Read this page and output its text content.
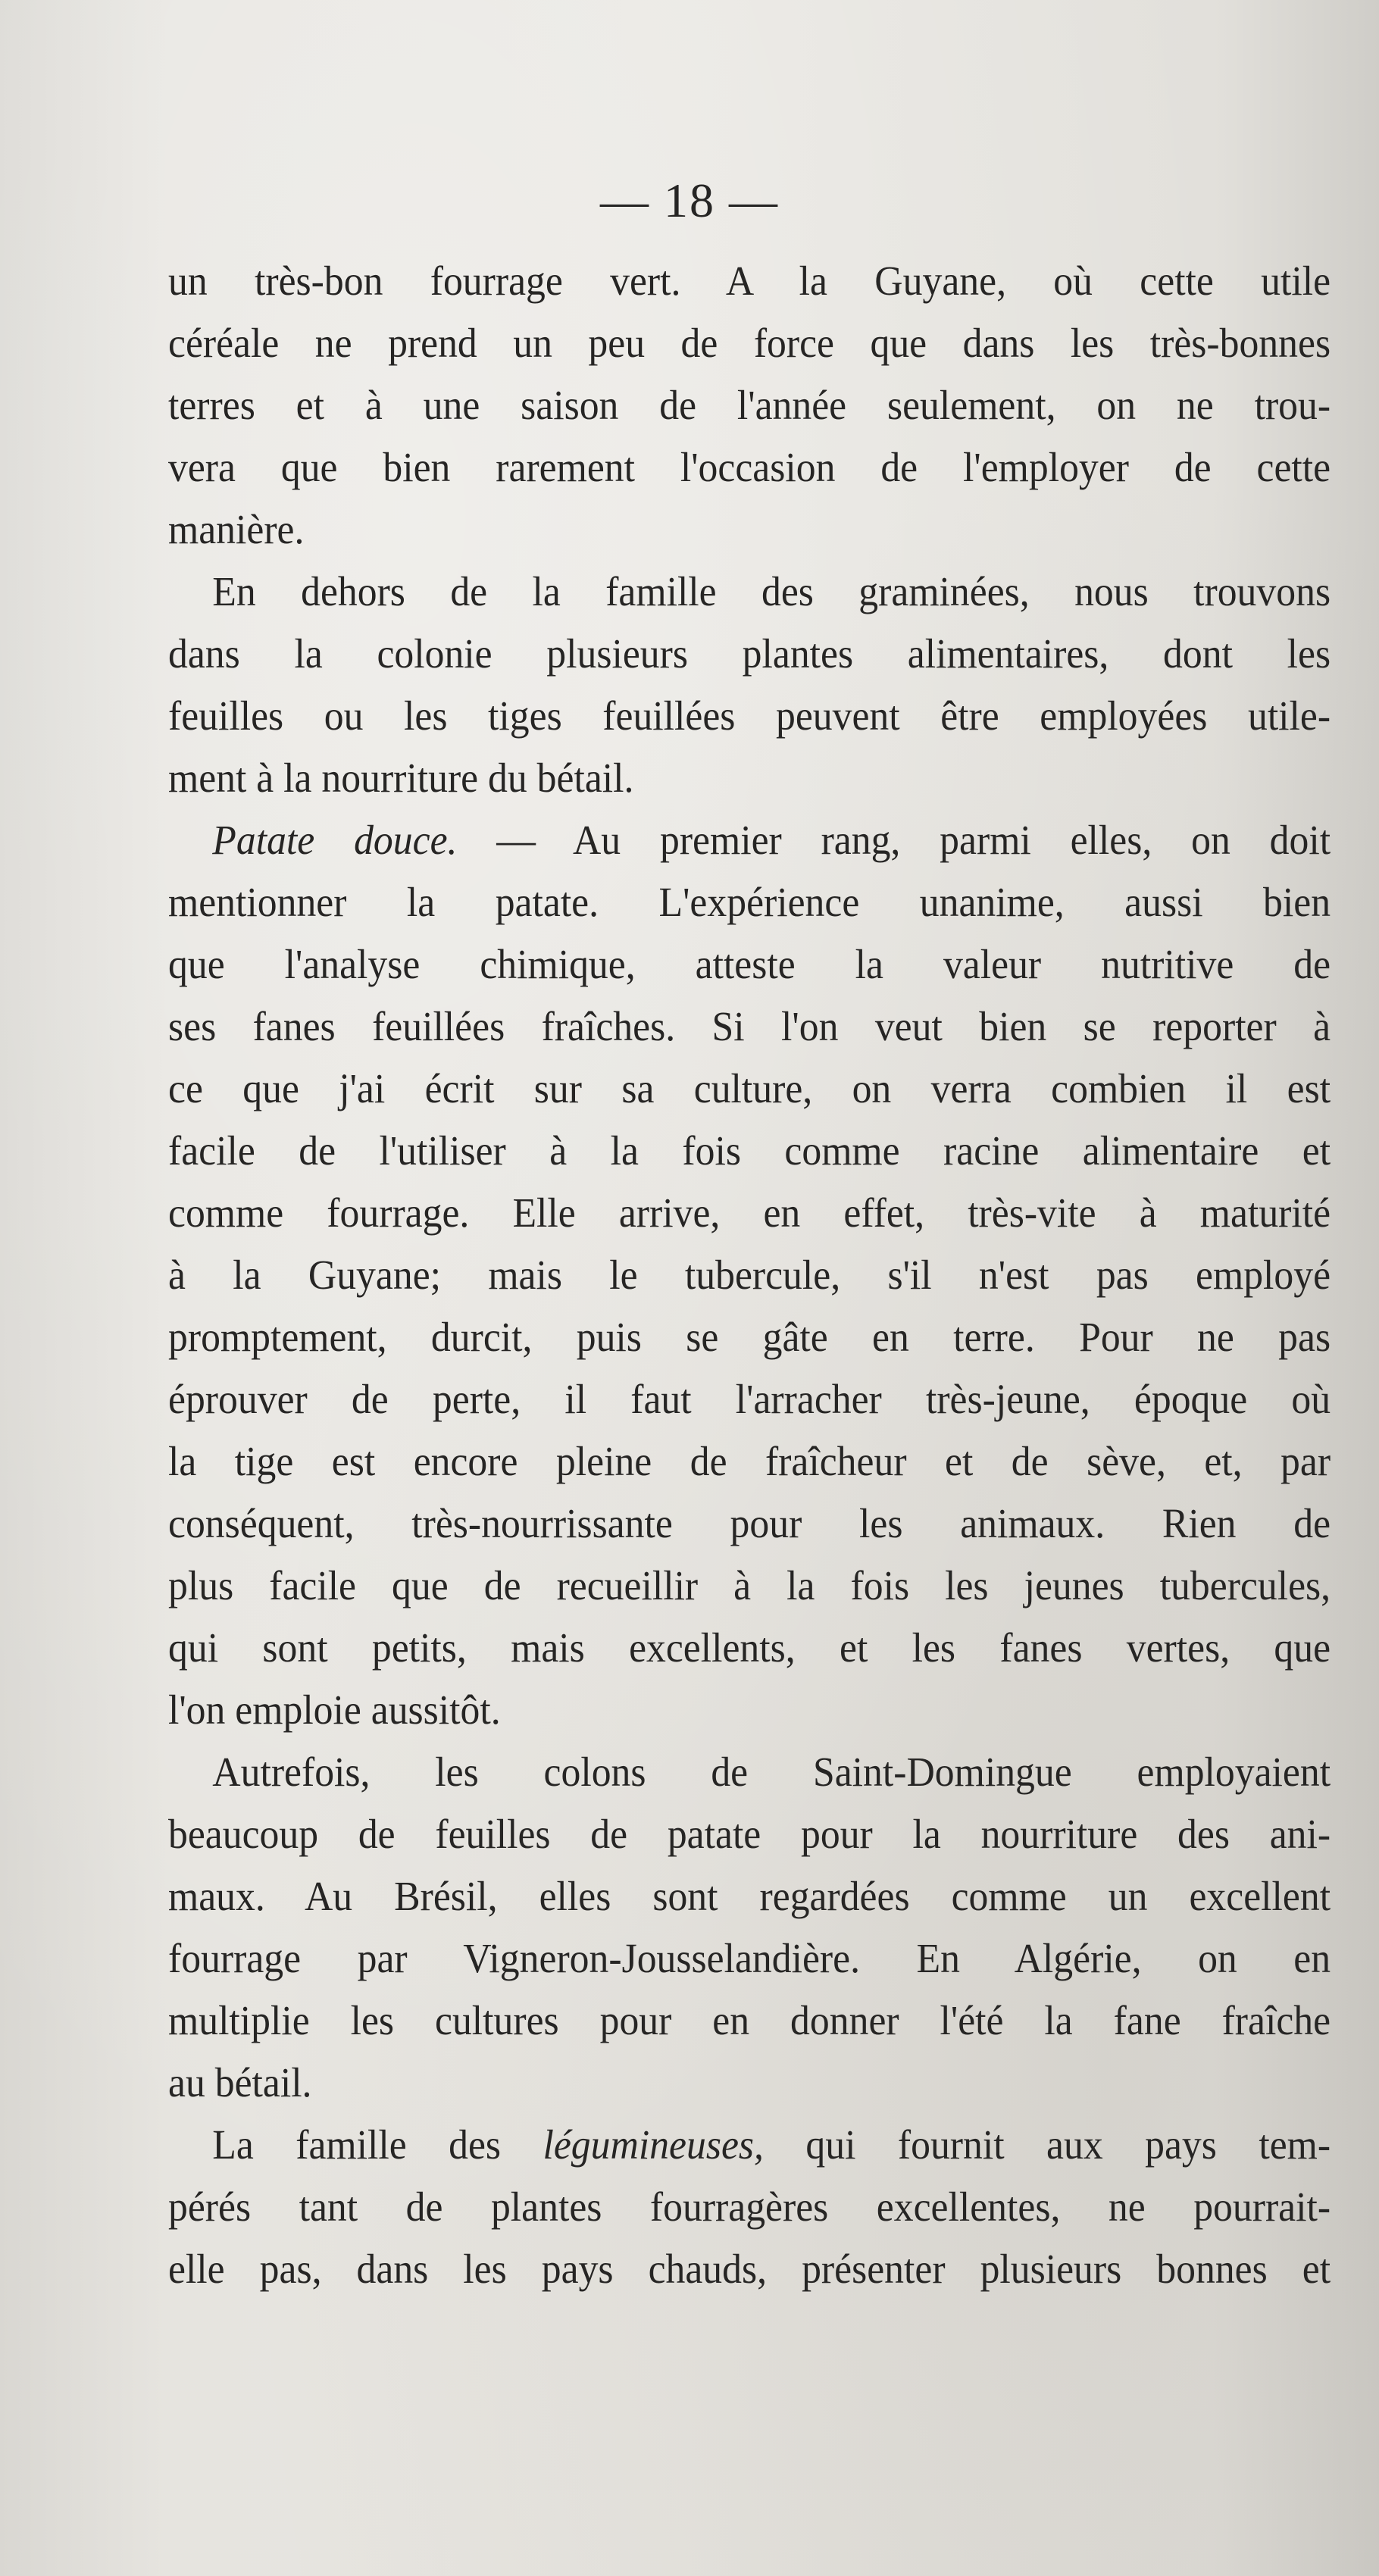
— 18 —
un très-bon fourrage vert. A la Guyane, où cette utile
céréale ne prend un peu de force que dans les très-bonnes
terres et à une saison de l'année seulement, on ne trou-
vera que bien rarement l'occasion de l'employer de cette
manière.
En dehors de la famille des graminées, nous trouvons
dans la colonie plusieurs plantes alimentaires, dont les
feuilles ou les tiges feuillées peuvent être employées utile-
ment à la nourriture du bétail.
Patate douce. — Au premier rang, parmi elles, on doit
mentionner la patate. L'expérience unanime, aussi bien
que l'analyse chimique, atteste la valeur nutritive de
ses fanes feuillées fraîches. Si l'on veut bien se reporter à
ce que j'ai écrit sur sa culture, on verra combien il est
facile de l'utiliser à la fois comme racine alimentaire et
comme fourrage. Elle arrive, en effet, très-vite à maturité
à la Guyane; mais le tubercule, s'il n'est pas employé
promptement, durcit, puis se gâte en terre. Pour ne pas
éprouver de perte, il faut l'arracher très-jeune, époque où
la tige est encore pleine de fraîcheur et de sève, et, par
conséquent, très-nourrissante pour les animaux. Rien de
plus facile que de recueillir à la fois les jeunes tubercules,
qui sont petits, mais excellents, et les fanes vertes, que
l'on emploie aussitôt.
Autrefois, les colons de Saint-Domingue employaient
beaucoup de feuilles de patate pour la nourriture des ani-
maux. Au Brésil, elles sont regardées comme un excellent
fourrage par Vigneron-Jousselandière. En Algérie, on en
multiplie les cultures pour en donner l'été la fane fraîche
au bétail.
La famille des légumineuses, qui fournit aux pays tem-
pérés tant de plantes fourragères excellentes, ne pourrait-
elle pas, dans les pays chauds, présenter plusieurs bonnes et
